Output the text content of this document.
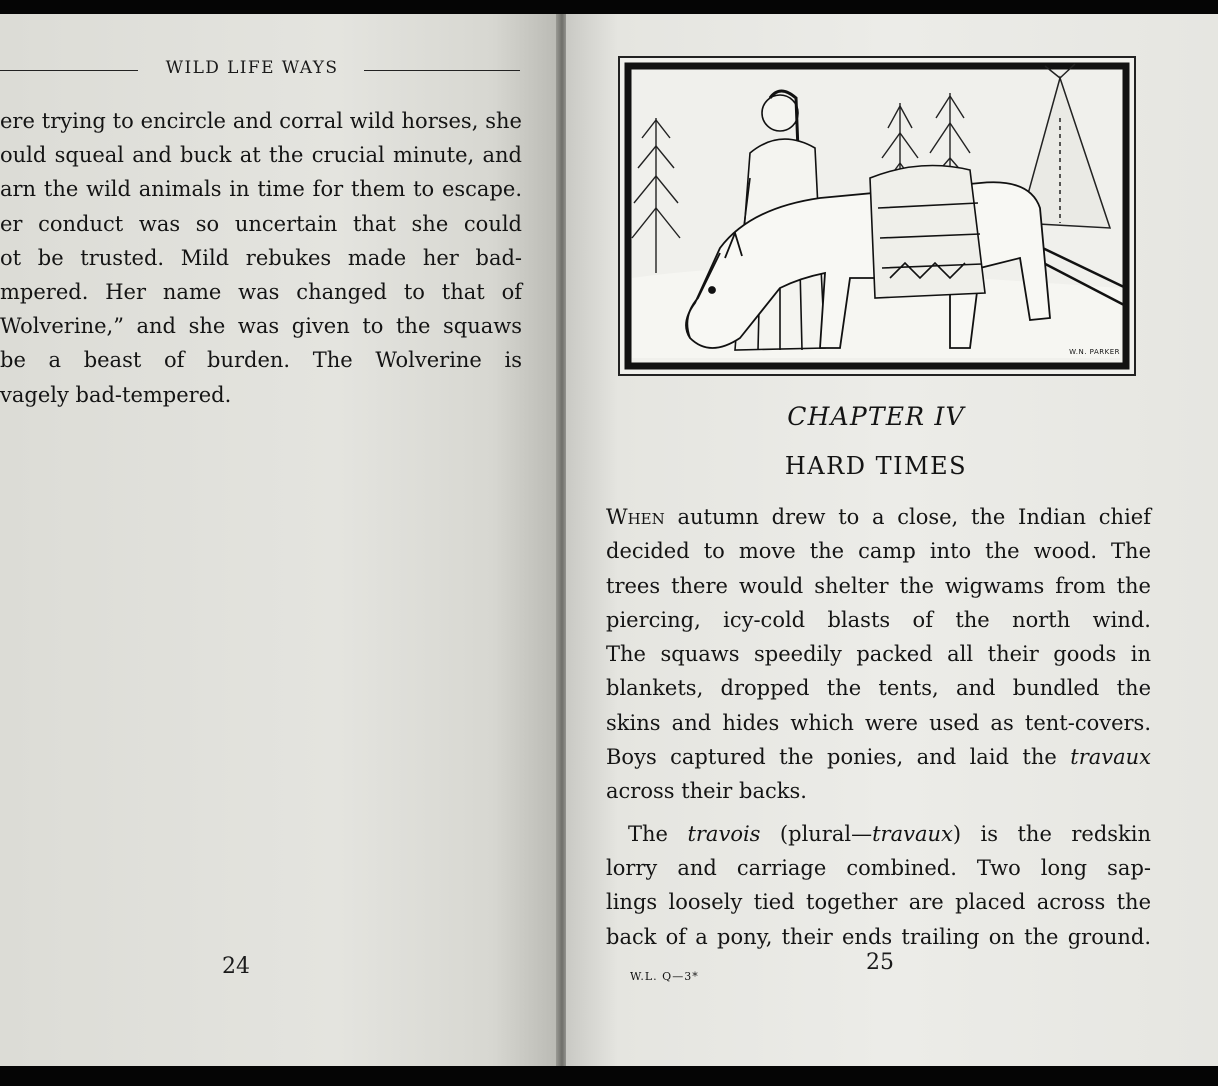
WILD LIFE WAYS
ere trying to encircle and corral wild horses, she
ould squeal and buck at the crucial minute, and
arn the wild animals in time for them to escape.
er conduct was so uncertain that she could
ot be trusted. Mild rebukes made her bad-
mpered. Her name was changed to that of
Wolverine,” and she was given to the squaws
be a beast of burden. The Wolverine is
vagely bad-tempered.
24
W.N. PARKER
CHAPTER IV
HARD TIMES
When autumn drew to a close, the Indian chief
decided to move the camp into the wood. The
trees there would shelter the wigwams from the
piercing, icy-cold blasts of the north wind.
The squaws speedily packed all their goods in
blankets, dropped the tents, and bundled the
skins and hides which were used as tent-covers.
Boys captured the ponies, and laid the travaux
across their backs.
The travois (plural—travaux) is the redskin
lorry and carriage combined. Two long sap-
lings loosely tied together are placed across the
back of a pony, their ends trailing on the ground.
W.L. Q—3*
25
